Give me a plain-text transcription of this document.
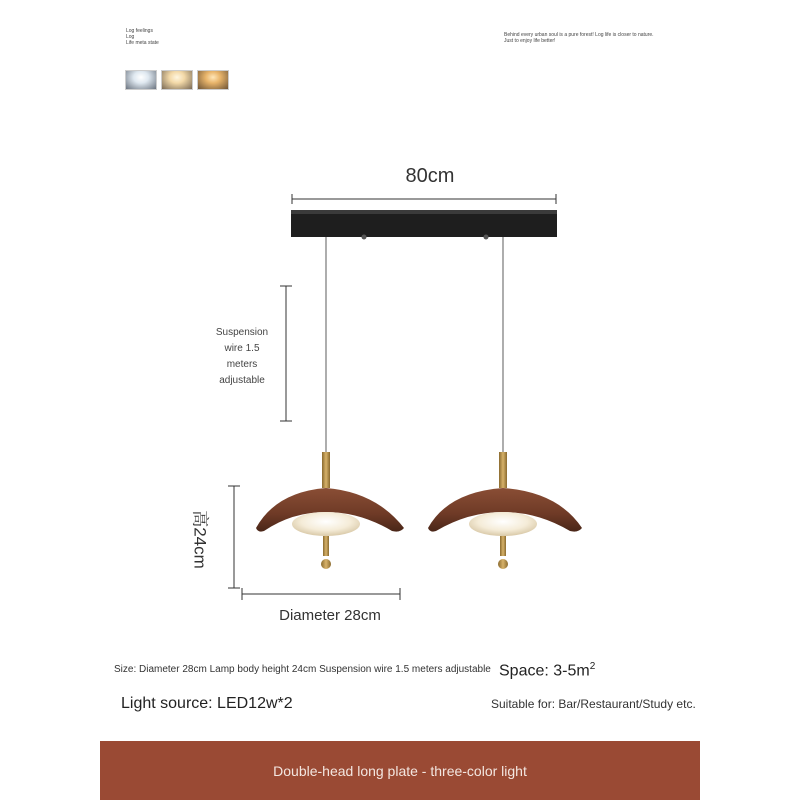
Log feelings
Log
Life meta state
Behind every urban soul is a pure forest! Log life is closer to nature.
Just to enjoy life better!
80cm
Suspension
wire 1.5
meters
adjustable
高24cm
Diameter 28cm
Size: Diameter 28cm Lamp body height 24cm Suspension wire 1.5 meters adjustable Space: $3-5m^2$
Light source: LED12w*2	Suitable for: Bar/Restaurant/Study etc.
Double-head long plate - three-color light
